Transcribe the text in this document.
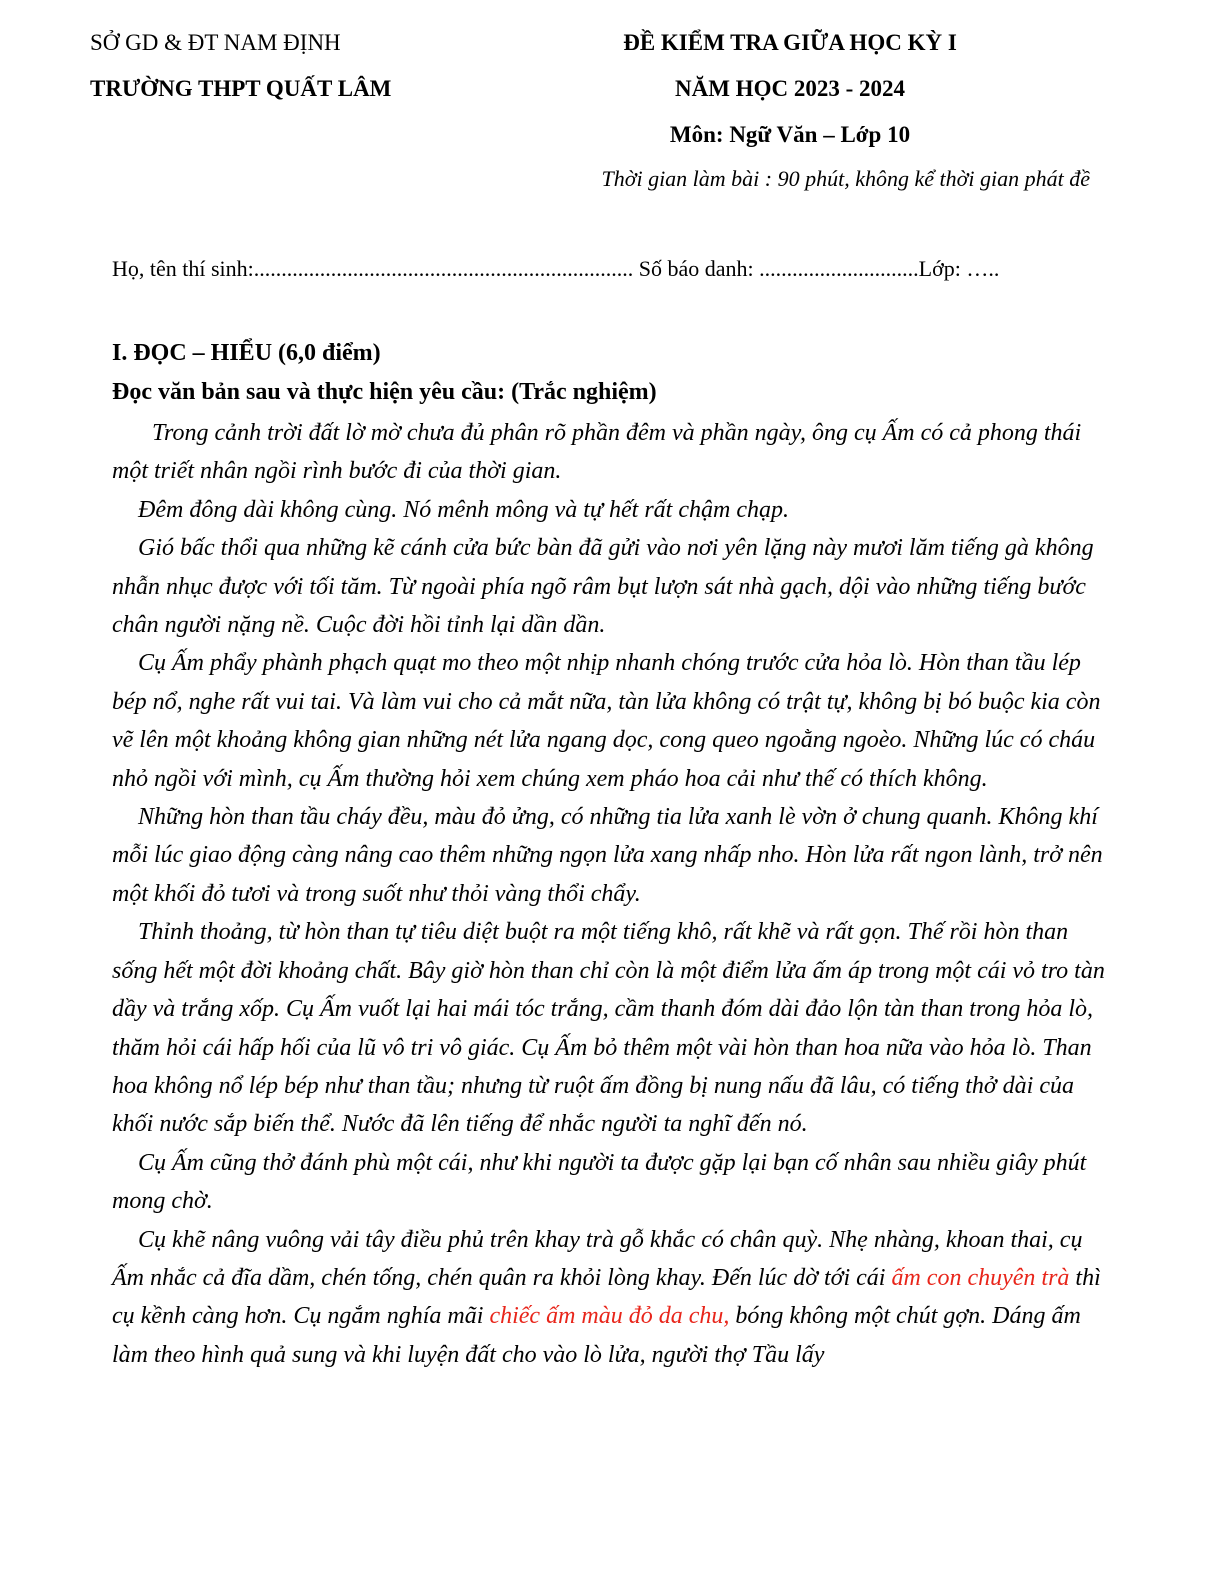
SỞ GD & ĐT NAM ĐỊNH
TRƯỜNG THPT QUẤT LÂM
ĐỀ KIỂM TRA GIỮA HỌC KỲ I
NĂM HỌC 2023 - 2024
Môn: Ngữ Văn – Lớp 10
Thời gian làm bài : 90 phút, không kể thời gian phát đề
Họ, tên thí sinh:..................................................................... Số báo danh: .............................Lớp: …..
I. ĐỌC – HIỂU (6,0 điểm)
Đọc văn bản sau và thực hiện yêu cầu: (Trắc nghiệm)

Trong cảnh trời đất lờ mờ chưa đủ phân rõ phần đêm và phần ngày, ông cụ Ấm có cả phong thái một triết nhân ngồi rình bước đi của thời gian.

Đêm đông dài không cùng. Nó mênh mông và tự hết rất chậm chạp.

Gió bấc thổi qua những kẽ cánh cửa bức bàn đã gửi vào nơi yên lặng này mươi lăm tiếng gà không nhẫn nhục được với tối tăm. Từ ngoài phía ngõ râm bụt lượn sát nhà gạch, dội vào những tiếng bước chân người nặng nề. Cuộc đời hồi tỉnh lại dần dần.

Cụ Ấm phẩy phành phạch quạt mo theo một nhịp nhanh chóng trước cửa hỏa lò. Hòn than tầu lép bép nổ, nghe rất vui tai. Và làm vui cho cả mắt nữa, tàn lửa không có trật tự, không bị bó buộc kia còn vẽ lên một khoảng không gian những nét lửa ngang dọc, cong queo ngoằng ngoèo. Những lúc có cháu nhỏ ngồi với mình, cụ Ấm thường hỏi xem chúng xem pháo hoa cải như thế có thích không.

Những hòn than tầu cháy đều, màu đỏ ửng, có những tia lửa xanh lè vờn ở chung quanh. Không khí mỗi lúc giao động càng nâng cao thêm những ngọn lửa xang nhấp nho. Hòn lửa rất ngon lành, trở nên một khối đỏ tươi và trong suốt như thỏi vàng thổi chẩy.

Thỉnh thoảng, từ hòn than tự tiêu diệt buột ra một tiếng khô, rất khẽ và rất gọn. Thế rồi hòn than sống hết một đời khoảng chất. Bây giờ hòn than chỉ còn là một điểm lửa ấm áp trong một cái vỏ tro tàn dầy và trắng xốp. Cụ Ấm vuốt lại hai mái tóc trắng, cầm thanh đóm dài đảo lộn tàn than trong hỏa lò, thăm hỏi cái hấp hối của lũ vô tri vô giác. Cụ Ấm bỏ thêm một vài hòn than hoa nữa vào hỏa lò. Than hoa không nổ lép bép như than tầu; nhưng từ ruột ấm đồng bị nung nấu đã lâu, có tiếng thở dài của khối nước sắp biến thể. Nước đã lên tiếng để nhắc người ta nghĩ đến nó.

Cụ Ấm cũng thở đánh phù một cái, như khi người ta được gặp lại bạn cố nhân sau nhiều giây phút mong chờ.

Cụ khẽ nâng vuông vải tây điều phủ trên khay trà gỗ khắc có chân quỳ. Nhẹ nhàng, khoan thai, cụ Ấm nhắc cả đĩa dầm, chén tống, chén quân ra khỏi lòng khay. Đến lúc dờ tới cái ấm con chuyên trà thì cụ kềnh càng hơn. Cụ ngắm nghía mãi chiếc ấm màu đỏ da chu, bóng không một chút gợn. Dáng ấm làm theo hình quả sung và khi luyện đất cho vào lò lửa, người thợ Tầu lấy
